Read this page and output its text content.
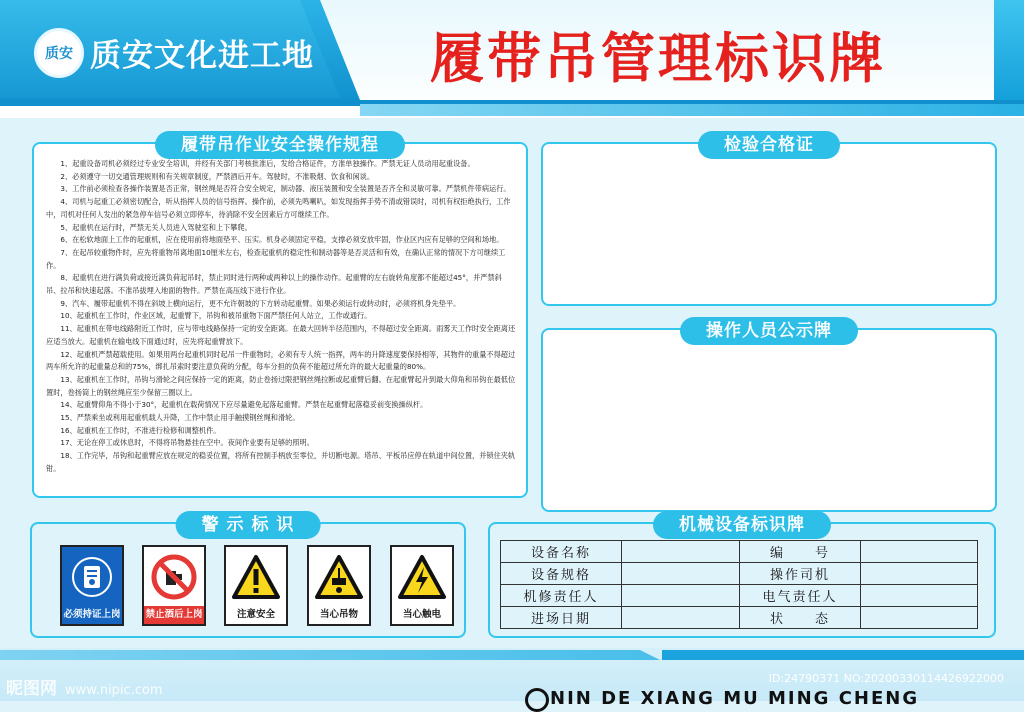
质安 质安文化进工地 履带吊管理标识牌
履带吊作业安全操作规程

1、起重设备司机必须经过专业安全培训，并经有关部门考核批准后，发给合格证件，方准单独操作。严禁无证人员动用起重设备。

2、必须遵守一切交通管理规则和有关规章制度，严禁酒后开车。驾驶时，不准吸烟、饮食和闲谈。

3、工作前必须检查各操作装置是否正常，钢丝绳是否符合安全规定，制动器、液压装置和安全装置是否齐全和灵敏可靠。严禁机件带病运行。

4、司机与起重工必须密切配合，听从指挥人员的信号指挥。操作前，必须先鸣喇叭，如发现指挥手势不清或错误时，司机有权拒绝执行，工作中，司机对任何人发出的紧急停车信号必须立即停车，待消除不安全因素后方可继续工作。

5、起重机在运行时，严禁无关人员进入驾驶室和上下攀爬。

6、在松软地面上工作的起重机，应在使用前将地面垫平、压实。机身必须固定平稳，支撑必须安放牢固，作业区内应有足够的空间和场地。

7、在起吊较重物件时，应先将重物吊离地面10厘米左右，检查起重机的稳定性和制动器等是否灵活和有效，在确认正常的情况下方可继续工作。

8、起重机在进行满负荷或接近满负荷起吊时，禁止同时进行两种或两种以上的操作动作。起重臂的左右旋转角度都不能超过45°，并严禁斜吊、拉吊和快速起落。不准吊拔埋入地面的物件。严禁在高压线下进行作业。

9、汽车、履带起重机不得在斜坡上横向运行，更不允许朝坡的下方转动起重臂。如果必须运行或转动时，必须将机身先垫平。

10、起重机在工作时，作业区域，起重臂下，吊钩和被吊重物下面严禁任何人站立，工作或通行。

11、起重机在带电线路附近工作时，应与带电线路保持一定的安全距离。在最大回转半径范围内，不得超过安全距离。雨雾天工作时安全距离还应适当放大。起重机在输电线下面通过时，应先将起重臂放下。

12、起重机严禁超载使用。如果用两台起重机同时起吊一件重物时，必须有专人统一指挥，两车的升降速度要保持相等，其物件的重量不得超过两车所允许的起重量总和的75%，绑扎吊索时要注意负荷的分配，每车分担的负荷不能超过所允许的最大起重量的80%。

13、起重机在工作时，吊钩与滑轮之间应保持一定的距离，防止卷扬过限把钢丝绳拉断或起重臂后翻。在起重臂起升到最大仰角和吊钩在最低位置时，卷扬筒上的钢丝绳应至少保留三圈以上。

14、起重臂仰角不得小于30°，起重机在载荷情况下应尽量避免起落起重臂。严禁在起重臂起落稳妥前变换操纵杆。

15、严禁乘坐或利用起重机载人升降，工作中禁止用手触摸钢丝绳和滑轮。

16、起重机在工作时，不准进行检修和调整机件。

17、无论在停工或休息时，不得将吊物悬挂在空中。夜间作业要有足够的照明。

18、工作完毕，吊钩和起重臂应放在规定的稳妥位置，将所有控制手柄放至零位，并切断电源。塔吊、平板吊应停在轨道中间位置，并锁住夹轨钳。

检验合格证
操作人员公示牌
警 示 标 识
必须持证上岗	禁止酒后上岗	注意安全	当心吊物	当心触电
机械设备标识牌
设备名称		编　　号	
设备规格		操作司机	
机修责任人		电气责任人	
进场日期		状　　态	
昵图网 www.nipic.com
ID:24790371 NO:20200330114426922000
NIN DE XIANG MU MING CHENG
